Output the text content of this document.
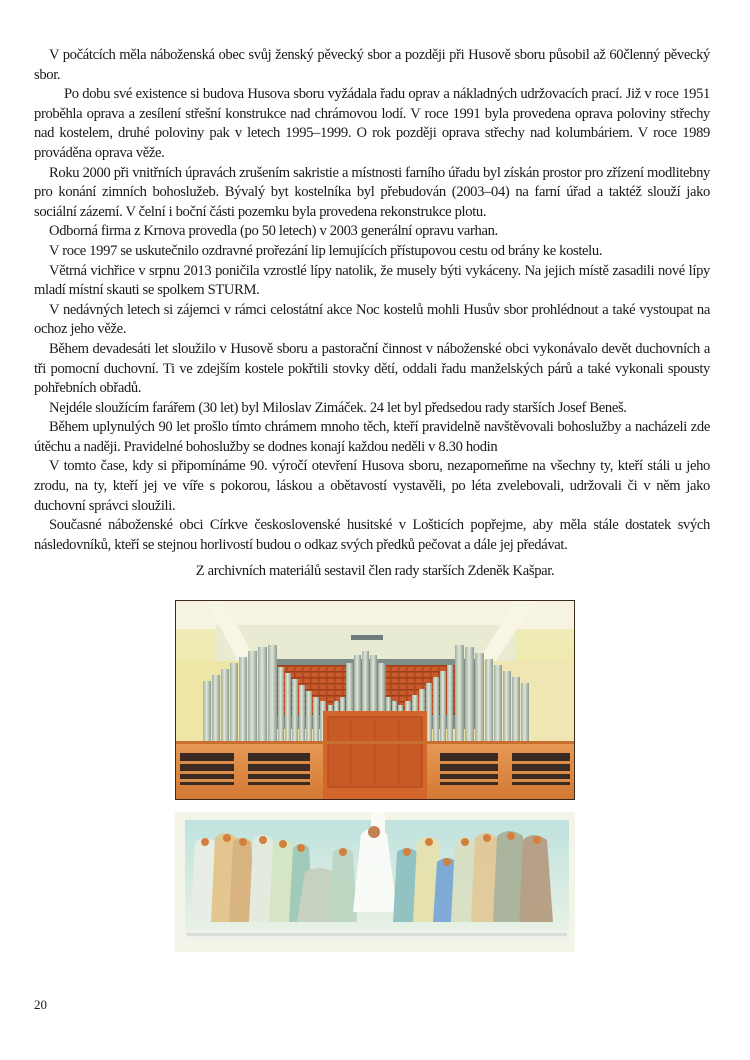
V počátcích měla náboženská obec svůj ženský pěvecký sbor a později při Husově sboru působil až 60členný pěvecký sbor.

Po dobu své existence si budova Husova sboru vyžádala řadu oprav a nákladných udržovacích prací. Již v roce 1951 proběhla oprava a zesílení střešní konstrukce nad chrámovou lodí. V roce 1991 byla provedena oprava poloviny střechy nad kostelem, druhé poloviny pak v letech 1995–1999. O rok později oprava střechy nad kolumbáriem. V roce 1989 prováděna oprava věže.

Roku 2000 při vnitřních úpravách zrušením sakristie a místnosti farního úřadu byl získán prostor pro zřízení modlitebny pro konání zimních bohoslužeb. Bývalý byt kostelníka byl přebudován (2003–04) na farní úřad a taktéž slouží jako sociální zázemí. V čelní i boční části pozemku byla provedena rekonstrukce plotu.

Odborná firma z Krnova provedla (po 50 letech) v 2003 generální opravu varhan.

V roce 1997 se uskutečnilo ozdravné prořezání lip lemujících přístupovou cestu od brány ke kostelu.

Větrná vichřice v srpnu 2013 poničila vzrostlé lípy natolik, že musely býti vykáceny. Na jejich místě zasadili nové lípy mladí místní skauti se spolkem STURM.

V nedávných letech si zájemci v rámci celostátní akce Noc kostelů mohli Husův sbor prohlédnout a také vystoupat na ochoz jeho věže.

Během devadesáti let sloužilo v Husově sboru a pastorační činnost v náboženské obci vykonávalo devět duchovních a tři pomocní duchovní. Ti ve zdejším kostele pokřtili stovky dětí, oddali řadu manželských párů a také vykonali spousty pohřebních obřadů.

Nejdéle sloužícím farářem (30 let) byl Miloslav Zimáček. 24 let byl předsedou rady starších Josef Beneš.

Během uplynulých 90 let prošlo tímto chrámem mnoho těch, kteří pravidelně navštěvovali bohoslužby a nacházeli zde útěchu a naději. Pravidelné bohoslužby se dodnes konají každou neděli v 8.30 hodin

V tomto čase, kdy si připomínáme 90. výročí otevření Husova sboru, nezapomeňme na všechny ty, kteří stáli u jeho zrodu, na ty, kteří jej ve víře s pokorou, láskou a obětavostí vystavěli, po léta zvelebovali, udržovali či v něm jako duchovní správci sloužili.

Současné náboženské obci Církve československé husitské v Lošticích popřejme, aby měla stále dostatek svých následovníků, kteří se stejnou horlivostí budou o odkaz svých předků pečovat a dále jej předávat.

Z archivních materiálů sestavil člen rady starších Zdeněk Kašpar.
20
